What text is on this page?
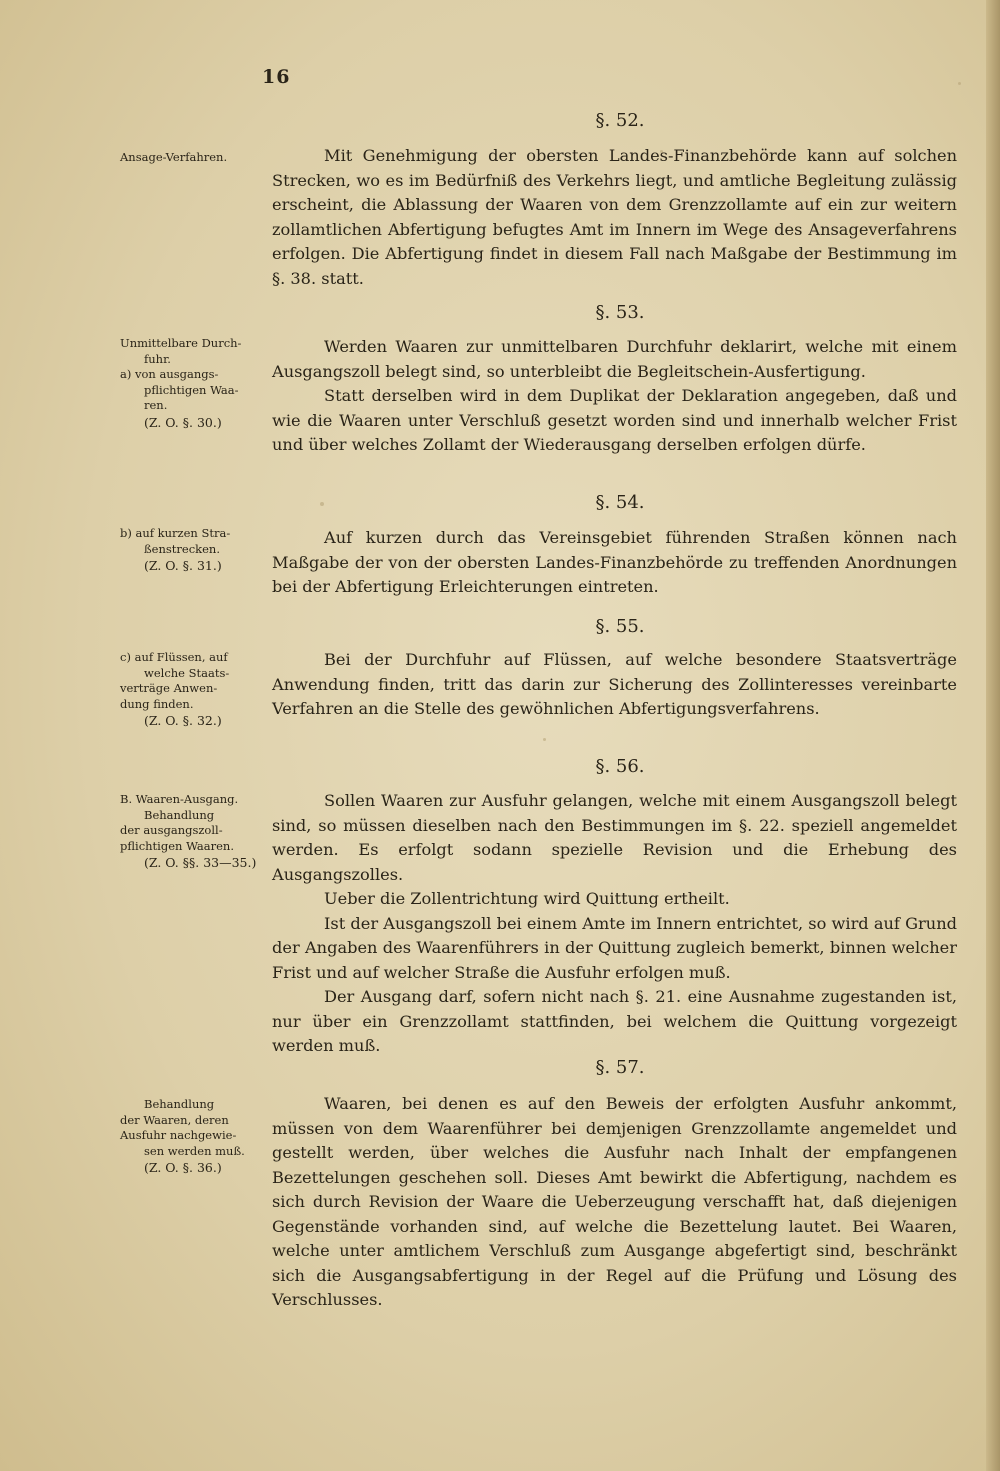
16
§. 52.
Ansage-Verfahren.	Mit Genehmigung der obersten Landes-Finanzbehörde kann auf solchen Strecken, wo es im Bedürfniß des Verkehrs liegt, und amtliche Begleitung zulässig erscheint, die Ablassung der Waaren von dem Grenzzollamte auf ein zur weitern zollamtlichen Abfertigung befugtes Amt im Innern im Wege des Ansageverfahrens erfolgen. Die Abfertigung findet in diesem Fall nach Maßgabe der Bestimmung im §. 38. statt.

§. 53.
Unmittelbare Durch-
fuhr.
a) von ausgangs-
pflichtigen Waa-
ren.
(Z. O. §. 30.)

Werden Waaren zur unmittelbaren Durchfuhr deklarirt, welche mit einem Ausgangszoll belegt sind, so unterbleibt die Begleitschein-Ausfertigung.

Statt derselben wird in dem Duplikat der Deklaration angegeben, daß und wie die Waaren unter Verschluß gesetzt worden sind und innerhalb welcher Frist und über welches Zollamt der Wiederausgang derselben erfolgen dürfe.

§. 54.
b) auf kurzen Stra-
ßenstrecken.
(Z. O. §. 31.)

Auf kurzen durch das Vereinsgebiet führenden Straßen können nach Maßgabe der von der obersten Landes-Finanzbehörde zu treffenden Anordnungen bei der Abfertigung Erleichterungen eintreten.

§. 55.
c) auf Flüssen, auf
welche Staats-
verträge Anwen-
dung finden.
(Z. O. §. 32.)

Bei der Durchfuhr auf Flüssen, auf welche besondere Staatsverträge Anwendung finden, tritt das darin zur Sicherung des Zollinteresses vereinbarte Verfahren an die Stelle des gewöhnlichen Abfertigungsverfahrens.

§. 56.
B. Waaren-Ausgang.
Behandlung
der ausgangszoll-
pflichtigen Waaren.
(Z. O. §§. 33—35.)

Sollen Waaren zur Ausfuhr gelangen, welche mit einem Ausgangszoll belegt sind, so müssen dieselben nach den Bestimmungen im §. 22. speziell angemeldet werden. Es erfolgt sodann spezielle Revision und die Erhebung des Ausgangszolles.

Ueber die Zollentrichtung wird Quittung ertheilt.

Ist der Ausgangszoll bei einem Amte im Innern entrichtet, so wird auf Grund der Angaben des Waarenführers in der Quittung zugleich bemerkt, binnen welcher Frist und auf welcher Straße die Ausfuhr erfolgen muß.

Der Ausgang darf, sofern nicht nach §. 21. eine Ausnahme zugestanden ist, nur über ein Grenzzollamt stattfinden, bei welchem die Quittung vorgezeigt werden muß.

§. 57.
Behandlung
der Waaren, deren
Ausfuhr nachgewie-
sen werden muß.
(Z. O. §. 36.)

Waaren, bei denen es auf den Beweis der erfolgten Ausfuhr ankommt, müssen von dem Waarenführer bei demjenigen Grenzzollamte angemeldet und gestellt werden, über welches die Ausfuhr nach Inhalt der empfangenen Bezettelungen geschehen soll. Dieses Amt bewirkt die Abfertigung, nachdem es sich durch Revision der Waare die Ueberzeugung verschafft hat, daß diejenigen Gegenstände vorhanden sind, auf welche die Bezettelung lautet. Bei Waaren, welche unter amtlichem Verschluß zum Ausgange abgefertigt sind, beschränkt sich die Ausgangsabfertigung in der Regel auf die Prüfung und Lösung des Verschlusses.
